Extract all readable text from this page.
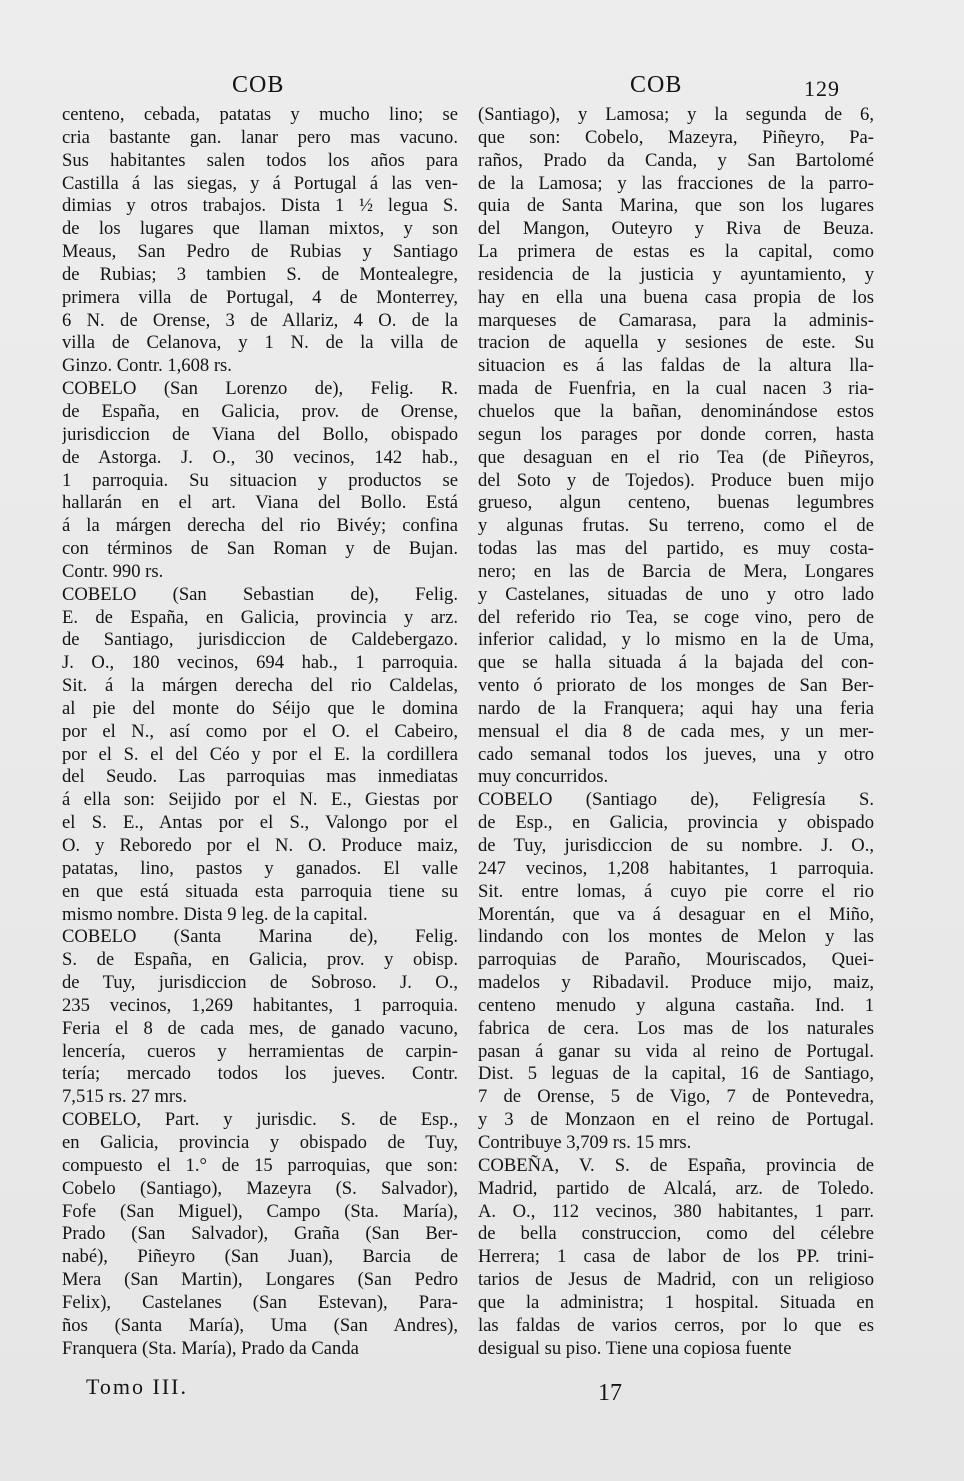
COB	COB	129
centeno, cebada, patatas y mucho lino; se
cria bastante gan. lanar pero mas vacuno.
Sus habitantes salen todos los años para
Castilla á las siegas, y á Portugal á las ven-
dimias y otros trabajos. Dista 1 ½ legua S.
de los lugares que llaman mixtos, y son
Meaus, San Pedro de Rubias y Santiago
de Rubias; 3 tambien S. de Montealegre,
primera villa de Portugal, 4 de Monterrey,
6 N. de Orense, 3 de Allariz, 4 O. de la
villa de Celanova, y 1 N. de la villa de
Ginzo. Contr. 1,608 rs.
COBELO (San Lorenzo de), Felig. R.
de España, en Galicia, prov. de Orense,
jurisdiccion de Viana del Bollo, obispado
de Astorga. J. O., 30 vecinos, 142 hab.,
1 parroquia. Su situacion y productos se
hallarán en el art. Viana del Bollo. Está
á la márgen derecha del rio Bivéy; confina
con términos de San Roman y de Bujan.
Contr. 990 rs.
COBELO (San Sebastian de), Felig.
E. de España, en Galicia, provincia y arz.
de Santiago, jurisdiccion de Caldebergazo.
J. O., 180 vecinos, 694 hab., 1 parroquia.
Sit. á la márgen derecha del rio Caldelas,
al pie del monte do Séijo que le domina
por el N., así como por el O. el Cabeiro,
por el S. el del Céo y por el E. la cordillera
del Seudo. Las parroquias mas inmediatas
á ella son: Seijido por el N. E., Giestas por
el S. E., Antas por el S., Valongo por el
O. y Reboredo por el N. O. Produce maiz,
patatas, lino, pastos y ganados. El valle
en que está situada esta parroquia tiene su
mismo nombre. Dista 9 leg. de la capital.
COBELO (Santa Marina de), Felig.
S. de España, en Galicia, prov. y obisp.
de Tuy, jurisdiccion de Sobroso. J. O.,
235 vecinos, 1,269 habitantes, 1 parroquia.
Feria el 8 de cada mes, de ganado vacuno,
lencería, cueros y herramientas de carpin-
tería; mercado todos los jueves. Contr.
7,515 rs. 27 mrs.
COBELO, Part. y jurisdic. S. de Esp.,
en Galicia, provincia y obispado de Tuy,
compuesto el 1.° de 15 parroquias, que son:
Cobelo (Santiago), Mazeyra (S. Salvador),
Fofe (San Miguel), Campo (Sta. María),
Prado (San Salvador), Graña (San Ber-
nabé), Piñeyro (San Juan), Barcia de
Mera (San Martin), Longares (San Pedro
Felix), Castelanes (San Estevan), Para-
ños (Santa María), Uma (San Andres),
Franquera (Sta. María), Prado da Canda
(Santiago), y Lamosa; y la segunda de 6,
que son: Cobelo, Mazeyra, Piñeyro, Pa-
raños, Prado da Canda, y San Bartolomé
de la Lamosa; y las fracciones de la parro-
quia de Santa Marina, que son los lugares
del Mangon, Outeyro y Riva de Beuza.
La primera de estas es la capital, como
residencia de la justicia y ayuntamiento, y
hay en ella una buena casa propia de los
marqueses de Camarasa, para la adminis-
tracion de aquella y sesiones de este. Su
situacion es á las faldas de la altura lla-
mada de Fuenfria, en la cual nacen 3 ria-
chuelos que la bañan, denominándose estos
segun los parages por donde corren, hasta
que desaguan en el rio Tea (de Piñeyros,
del Soto y de Tojedos). Produce buen mijo
grueso, algun centeno, buenas legumbres
y algunas frutas. Su terreno, como el de
todas las mas del partido, es muy costa-
nero; en las de Barcia de Mera, Longares
y Castelanes, situadas de uno y otro lado
del referido rio Tea, se coge vino, pero de
inferior calidad, y lo mismo en la de Uma,
que se halla situada á la bajada del con-
vento ó priorato de los monges de San Ber-
nardo de la Franquera; aqui hay una feria
mensual el dia 8 de cada mes, y un mer-
cado semanal todos los jueves, una y otro
muy concurridos.
COBELO (Santiago de), Feligresía S.
de Esp., en Galicia, provincia y obispado
de Tuy, jurisdiccion de su nombre. J. O.,
247 vecinos, 1,208 habitantes, 1 parroquia.
Sit. entre lomas, á cuyo pie corre el rio
Morentán, que va á desaguar en el Miño,
lindando con los montes de Melon y las
parroquias de Paraño, Mouriscados, Quei-
madelos y Ribadavil. Produce mijo, maiz,
centeno menudo y alguna castaña. Ind. 1
fabrica de cera. Los mas de los naturales
pasan á ganar su vida al reino de Portugal.
Dist. 5 leguas de la capital, 16 de Santiago,
7 de Orense, 5 de Vigo, 7 de Pontevedra,
y 3 de Monzaon en el reino de Portugal.
Contribuye 3,709 rs. 15 mrs.
COBEÑA, V. S. de España, provincia de
Madrid, partido de Alcalá, arz. de Toledo.
A. O., 112 vecinos, 380 habitantes, 1 parr.
de bella construccion, como del célebre
Herrera; 1 casa de labor de los PP. trini-
tarios de Jesus de Madrid, con un religioso
que la administra; 1 hospital. Situada en
las faldas de varios cerros, por lo que es
desigual su piso. Tiene una copiosa fuente
Tomo III.	17
